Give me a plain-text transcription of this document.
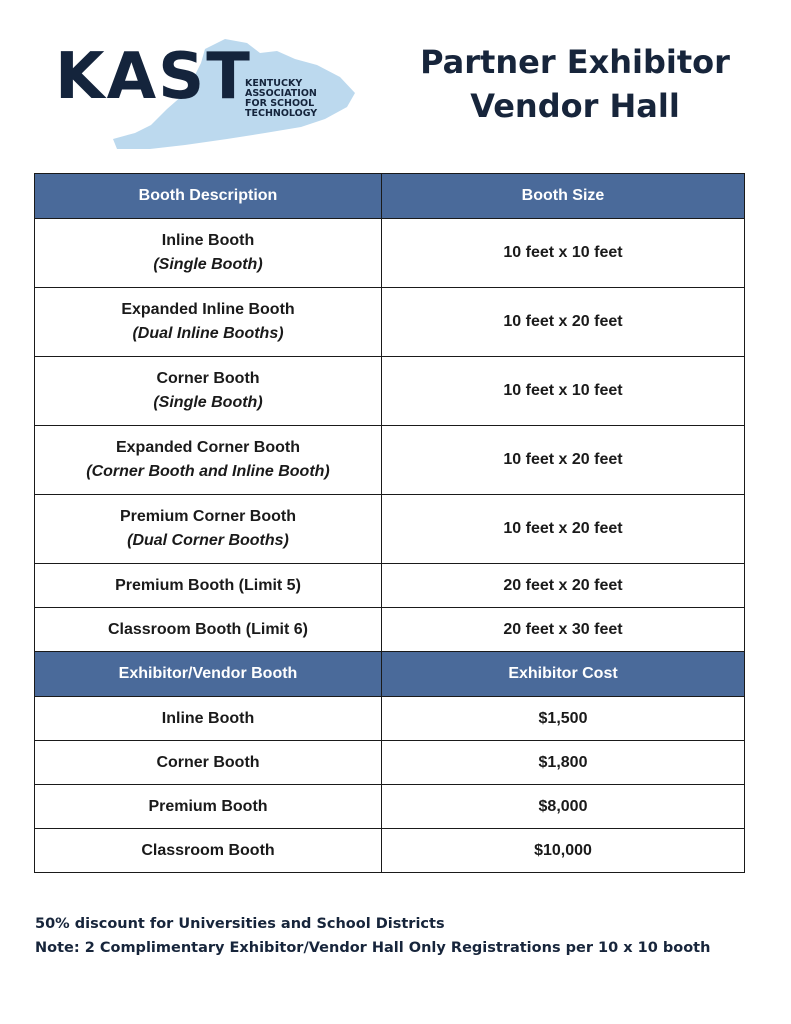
KAST
KENTUCKY
ASSOCIATION
FOR SCHOOL
TECHNOLOGY
Partner Exhibitor
Vendor Hall
Booth Description	Booth Size
Inline Booth
(Single Booth)	10 feet x 10 feet
Expanded Inline Booth
(Dual Inline Booths)	10 feet x 20 feet
Corner Booth
(Single Booth)	10 feet x 10 feet
Expanded Corner Booth
(Corner Booth and Inline Booth)	10 feet x 20 feet
Premium Corner Booth
(Dual Corner Booths)	10 feet x 20 feet
Premium Booth (Limit 5)	20 feet x 20 feet
Classroom Booth (Limit 6)	20 feet x 30 feet
Exhibitor/Vendor Booth	Exhibitor Cost
Inline Booth	$1,500
Corner Booth	$1,800
Premium Booth	$8,000
Classroom Booth	$10,000
50% discount for Universities and School Districts
Note: 2 Complimentary Exhibitor/Vendor Hall Only Registrations per 10 x 10 booth
